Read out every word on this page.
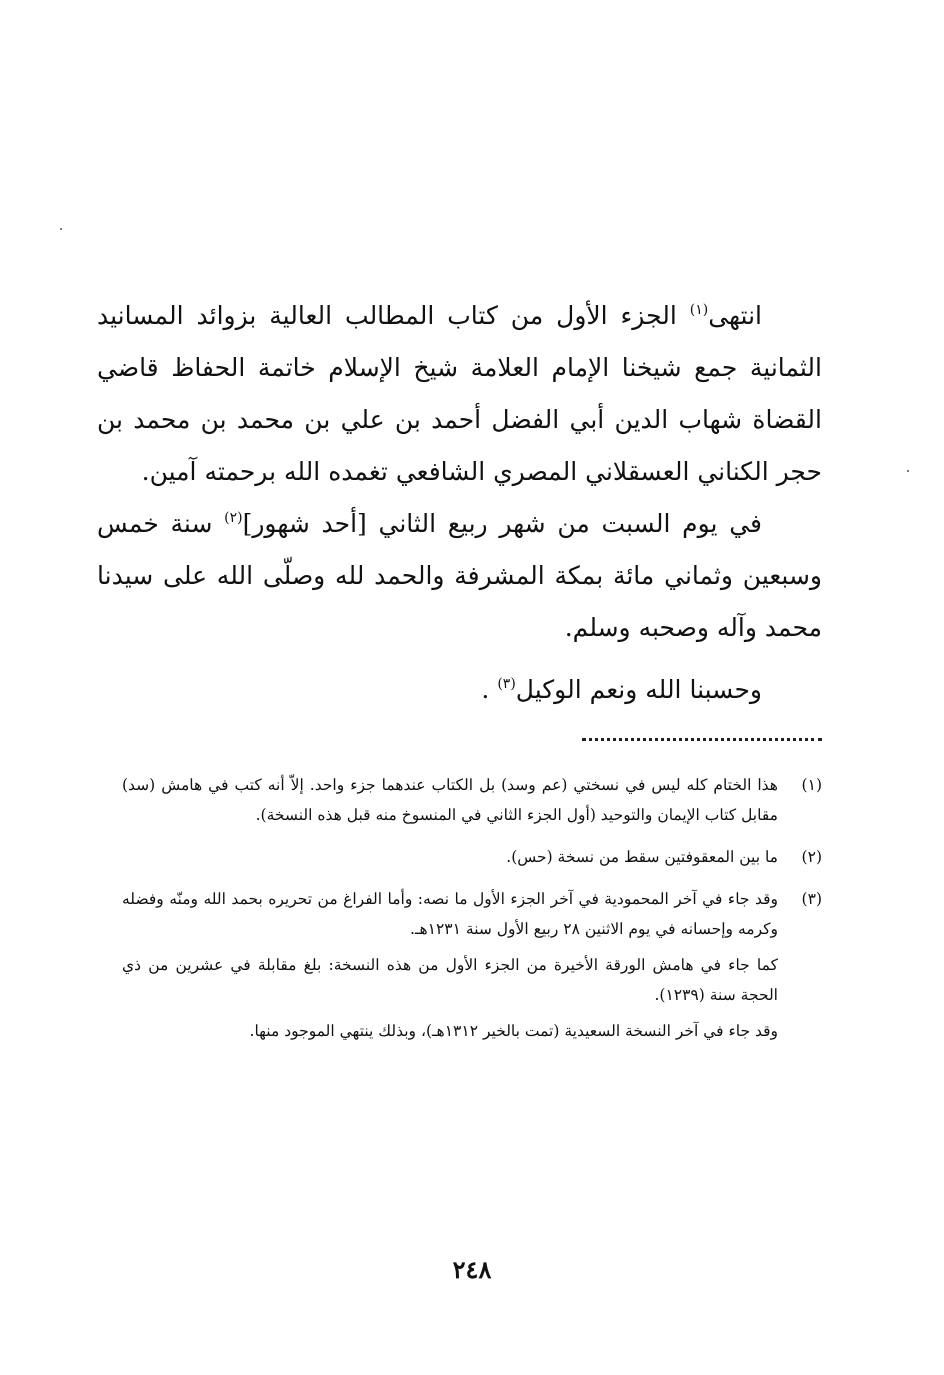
انتهى$^{(١)}$ الجزء الأول من كتاب المطالب العالية بزوائد المسانيد الثمانية جمع شيخنا الإمام العلامة شيخ الإسلام خاتمة الحفاظ قاضي القضاة شهاب الدين أبي الفضل أحمد بن علي بن محمد بن محمد بن حجر الكناني العسقلاني المصري الشافعي تغمده الله برحمته آمين.

في يوم السبت من شهر ربيع الثاني [أحد شهور]$^{(٢)}$ سنة خمس وسبعين وثماني مائة بمكة المشرفة والحمد لله وصلّى الله على سيدنا محمد وآله وصحبه وسلم.

وحسبنا الله ونعم الوكيل$^{(٣)}$ .

(١)

هذا الختام كله ليس في نسختي (عم وسد) بل الكتاب عندهما جزء واحد. إلاّ أنه كتب في هامش (سد) مقابل كتاب الإيمان والتوحيد (أول الجزء الثاني في المنسوخ منه قبل هذه النسخة).

(٢)

ما بين المعقوفتين سقط من نسخة (حس).

(٣)

وقد جاء في آخر المحمودية في آخر الجزء الأول ما نصه: وأما الفراغ من تحريره بحمد الله ومنّه وفضله وكرمه وإحسانه في يوم الاثنين ٢٨ ربيع الأول سنة ١٢٣١هـ.

كما جاء في هامش الورقة الأخيرة من الجزء الأول من هذه النسخة: بلغ مقابلة في عشرين من ذي الحجة سنة (١٢٣٩).

وقد جاء في آخر النسخة السعيدية (تمت بالخير ١٣١٢هـ)، وبذلك ينتهي الموجود منها.

٢٤٨
